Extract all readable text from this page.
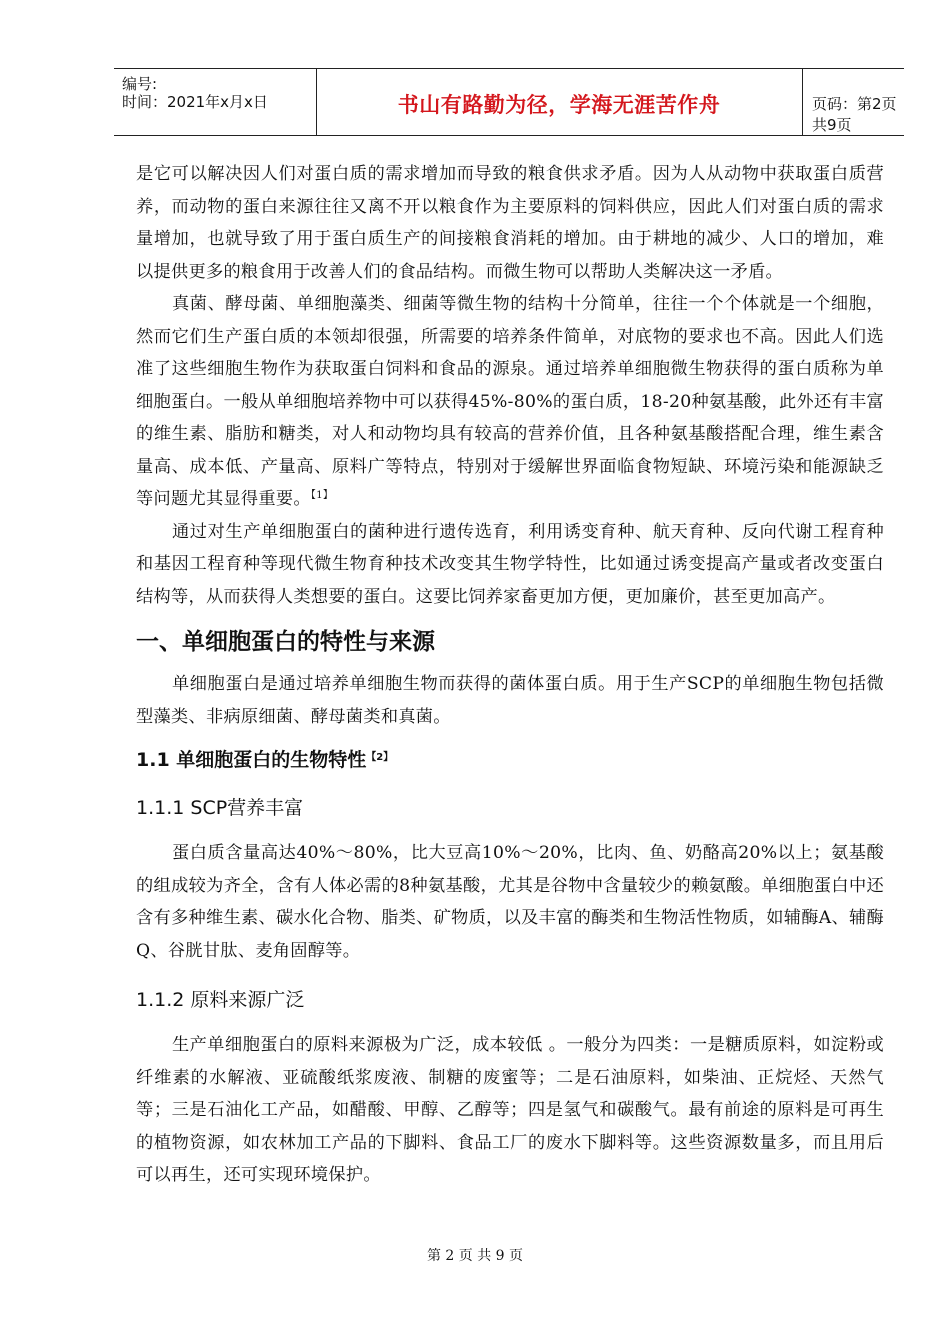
编号:
时间：2021年x月x日	书山有路勤为径，学海无涯苦作舟	页码：第2页 共9页

是它可以解决因人们对蛋白质的需求增加而导致的粮食供求矛盾。因为人从动物中获取蛋白质营养，而动物的蛋白来源往往又离不开以粮食作为主要原料的饲料供应，因此人们对蛋白质的需求量增加，也就导致了用于蛋白质生产的间接粮食消耗的增加。由于耕地的减少、人口的增加，难以提供更多的粮食用于改善人们的食品结构。而微生物可以帮助人类解决这一矛盾。

真菌、酵母菌、单细胞藻类、细菌等微生物的结构十分简单，往往一个个体就是一个细胞，然而它们生产蛋白质的本领却很强，所需要的培养条件简单，对底物的要求也不高。因此人们选准了这些细胞生物作为获取蛋白饲料和食品的源泉。通过培养单细胞微生物获得的蛋白质称为单细胞蛋白。一般从单细胞培养物中可以获得45%-80%的蛋白质，18-20种氨基酸，此外还有丰富的维生素、脂肪和糖类，对人和动物均具有较高的营养价值，且各种氨基酸搭配合理，维生素含量高、成本低、产量高、原料广等特点，特别对于缓解世界面临食物短缺、环境污染和能源缺乏等问题尤其显得重要。$^{【1】}$

通过对生产单细胞蛋白的菌种进行遗传选育，利用诱变育种、航天育种、反向代谢工程育种和基因工程育种等现代微生物育种技术改变其生物学特性，比如通过诱变提高产量或者改变蛋白结构等，从而获得人类想要的蛋白。这要比饲养家畜更加方便，更加廉价，甚至更加高产。

一、单细胞蛋白的特性与来源

单细胞蛋白是通过培养单细胞生物而获得的菌体蛋白质。用于生产SCP的单细胞生物包括微型藻类、非病原细菌、酵母菌类和真菌。

1.1 单细胞蛋白的生物特性$^{【2】}$
1.1.1 SCP营养丰富

蛋白质含量高达40%～80%，比大豆高10%～20%，比肉、鱼、奶酪高20%以上；氨基酸的组成较为齐全，含有人体必需的8种氨基酸，尤其是谷物中含量较少的赖氨酸。单细胞蛋白中还含有多种维生素、碳水化合物、脂类、矿物质，以及丰富的酶类和生物活性物质，如辅酶A、辅酶Q、谷胱甘肽、麦角固醇等。

1.1.2 原料来源广泛

生产单细胞蛋白的原料来源极为广泛，成本较低 。一般分为四类：一是糖质原料，如淀粉或纤维素的水解液、亚硫酸纸浆废液、制糖的废蜜等；二是石油原料，如柴油、正烷烃、天然气等；三是石油化工产品，如醋酸、甲醇、乙醇等；四是氢气和碳酸气。最有前途的原料是可再生的植物资源，如农林加工产品的下脚料、食品工厂的废水下脚料等。这些资源数量多，而且用后可以再生，还可实现环境保护。

第 2 页 共 9 页
